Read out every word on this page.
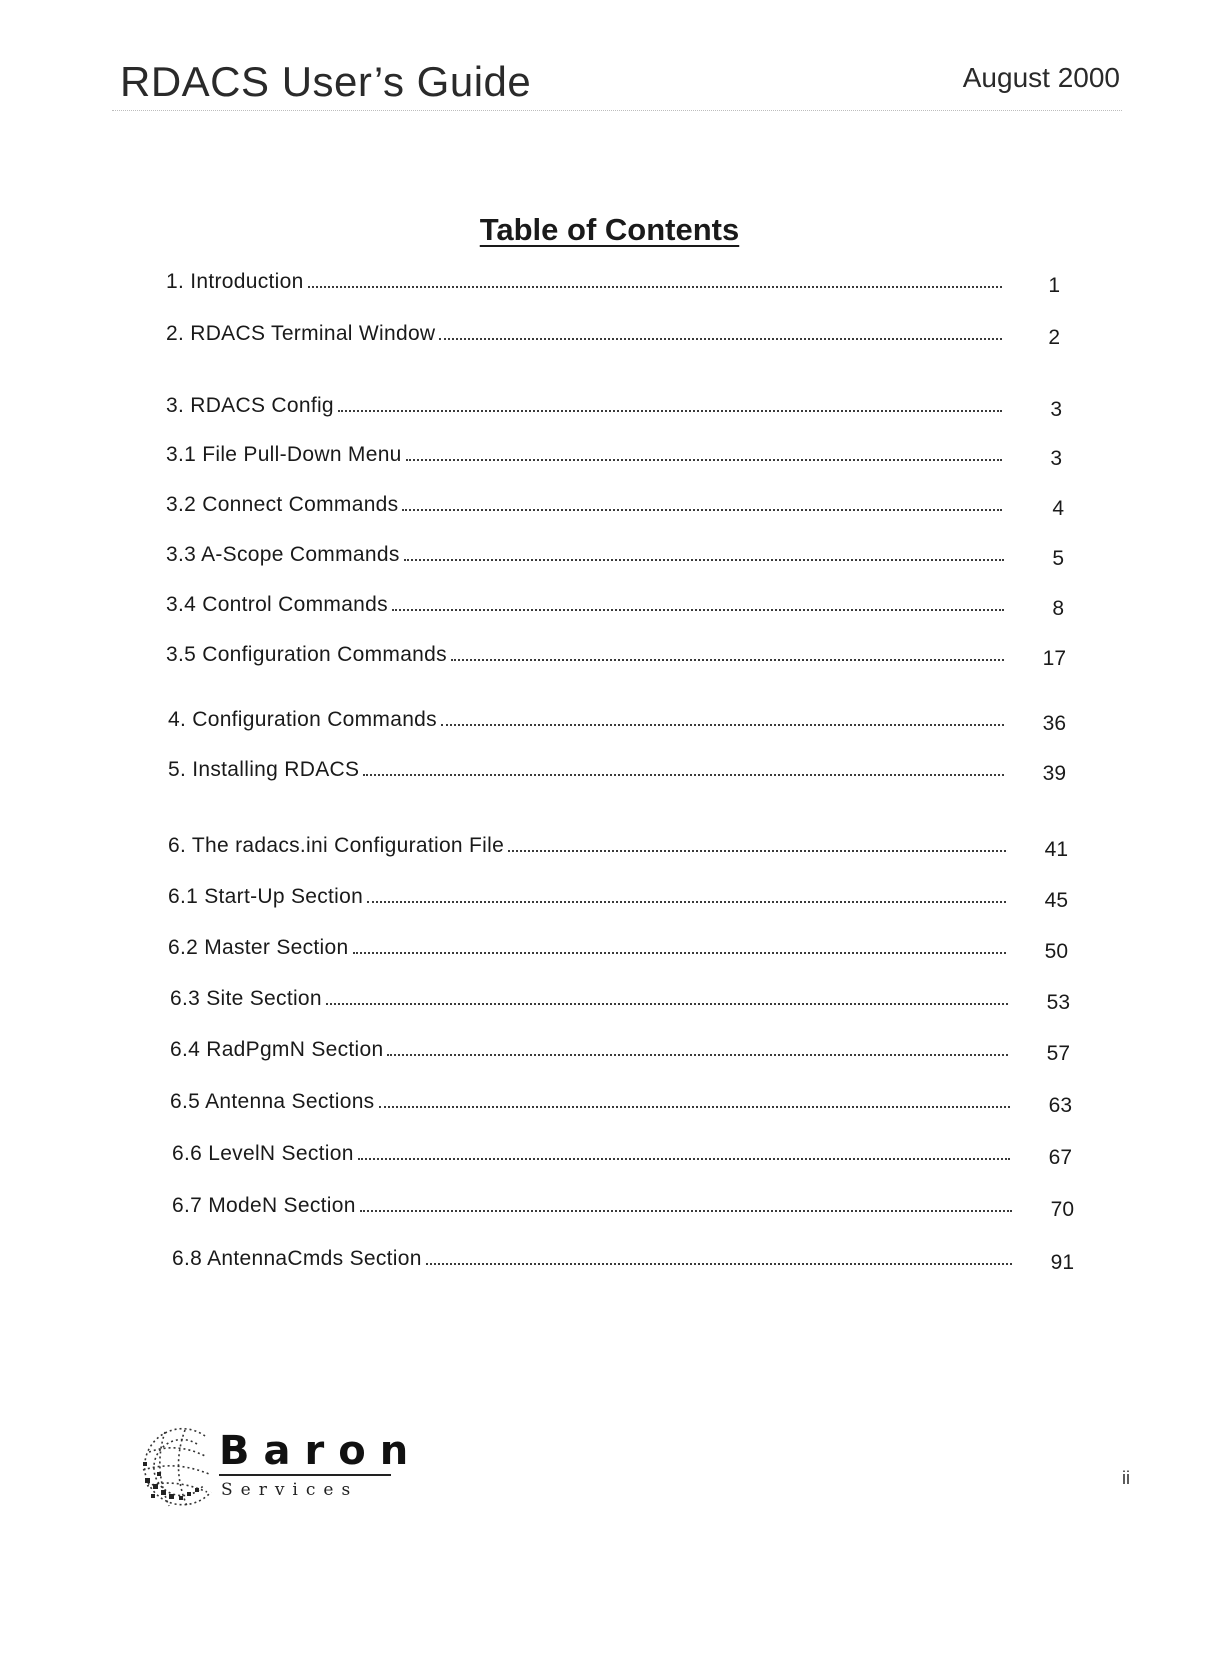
RDACS User’s Guide	August 2000
Table of Contents
1. Introduction	1
2. RDACS Terminal Window	2
3. RDACS Config	3
3.1 File Pull-Down Menu	3
3.2 Connect Commands	4
3.3 A-Scope Commands	5
3.4 Control Commands	8
3.5 Configuration Commands	17
4. Configuration Commands	36
5. Installing RDACS	39
6. The radacs.ini Configuration File	41
6.1 Start-Up Section	45
6.2 Master Section	50
6.3 Site Section	53
6.4 RadPgmN Section	57
6.5 Antenna Sections	63
6.6 LevelN Section	67
6.7 ModeN Section	70
6.8 AntennaCmds Section	91
Baron
Services
ii
